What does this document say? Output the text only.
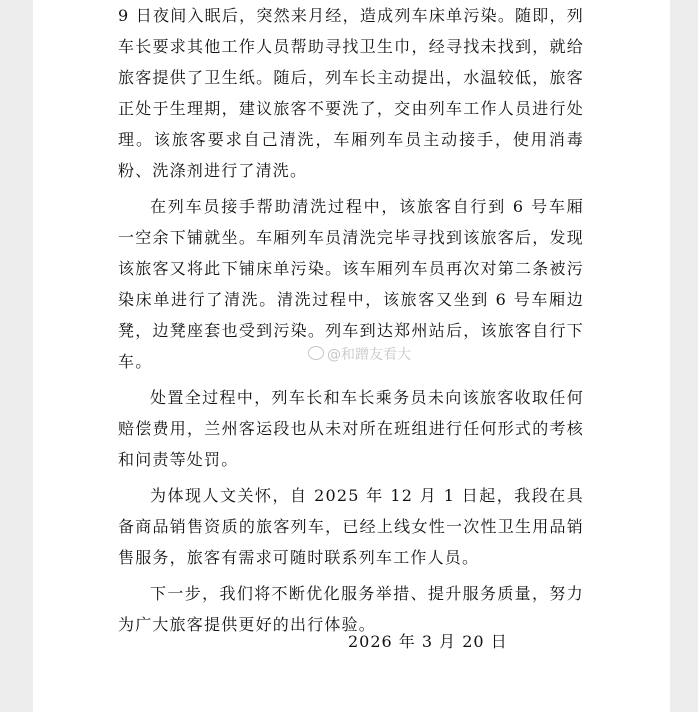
9 日夜间入眠后，突然来月经，造成列车床单污染。随即，列车长要求其他工作人员帮助寻找卫生巾，经寻找未找到，就给旅客提供了卫生纸。随后，列车长主动提出，水温较低，旅客正处于生理期，建议旅客不要洗了，交由列车工作人员进行处理。该旅客要求自己清洗，车厢列车员主动接手，使用消毒粉、洗涤剂进行了清洗。

在列车员接手帮助清洗过程中，该旅客自行到 6 号车厢一空余下铺就坐。车厢列车员清洗完毕寻找到该旅客后，发现该旅客又将此下铺床单污染。该车厢列车员再次对第二条被污染床单进行了清洗。清洗过程中，该旅客又坐到 6 号车厢边凳，边凳座套也受到污染。列车到达郑州站后，该旅客自行下车。

处置全过程中，列车长和车长乘务员未向该旅客收取任何赔偿费用，兰州客运段也从未对所在班组进行任何形式的考核和问责等处罚。

为体现人文关怀，自 2025 年 12 月 1 日起，我段在具备商品销售资质的旅客列车，已经上线女性一次性卫生用品销售服务，旅客有需求可随时联系列车工作人员。

下一步，我们将不断优化服务举措、提升服务质量，努力为广大旅客提供更好的出行体验。

2026 年 3 月 20 日
@和蹭友看大
